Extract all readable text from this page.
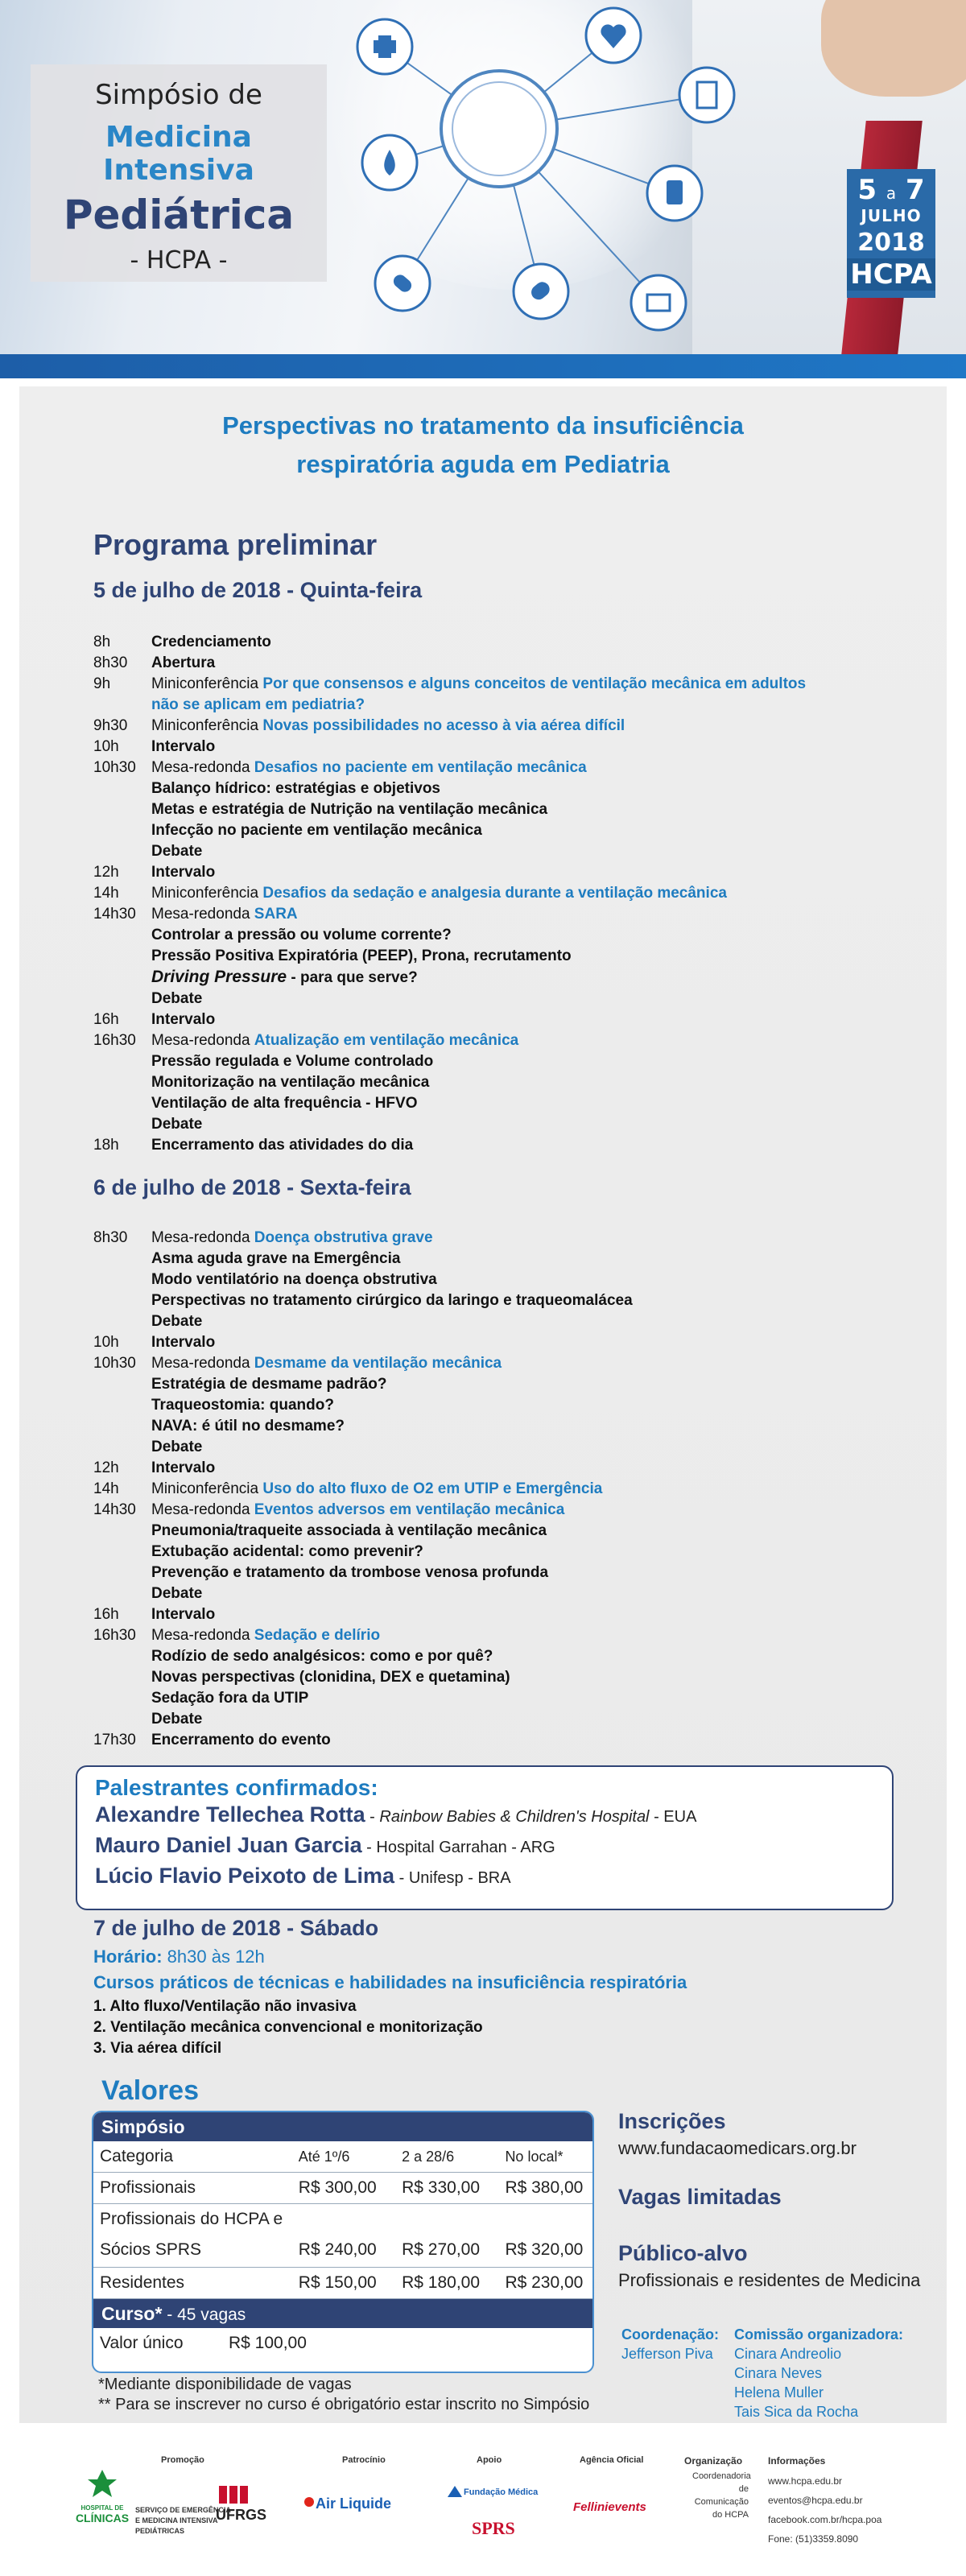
Simpósio de
Medicina Intensiva
Pediátrica
- HCPA -
5 a 7
JULHO
2018
HCPA
Perspectivas no tratamento da insuficiência
respiratória aguda em Pediatria
Programa preliminar
5 de julho de 2018 - Quinta-feira
8h	Credenciamento
8h30	Abertura
9h	Miniconferência Por que consensos e alguns conceitos de ventilação mecânica em adultos
não se aplicam em pediatria?
9h30	Miniconferência Novas possibilidades no acesso à via aérea difícil
10h	Intervalo
10h30	Mesa-redonda Desafios no paciente em ventilação mecânica
Balanço hídrico: estratégias e objetivos
Metas e estratégia de Nutrição na ventilação mecânica
Infecção no paciente em ventilação mecânica
Debate
12h	Intervalo
14h	Miniconferência Desafios da sedação e analgesia durante a ventilação mecânica
14h30	Mesa-redonda SARA
Controlar a pressão ou volume corrente?
Pressão Positiva Expiratória (PEEP), Prona, recrutamento
Driving Pressure - para que serve?
Debate
16h	Intervalo
16h30	Mesa-redonda Atualização em ventilação mecânica
Pressão regulada e Volume controlado
Monitorização na ventilação mecânica
Ventilação de alta frequência - HFVO
Debate
18h	Encerramento das atividades do dia
6 de julho de 2018 - Sexta-feira
8h30	Mesa-redonda Doença obstrutiva grave
Asma aguda grave na Emergência
Modo ventilatório na doença obstrutiva
Perspectivas no tratamento cirúrgico da laringo e traqueomalácea
Debate
10h	Intervalo
10h30	Mesa-redonda Desmame da ventilação mecânica
Estratégia de desmame padrão?
Traqueostomia: quando?
NAVA: é útil no desmame?
Debate
12h	Intervalo
14h	Miniconferência Uso do alto fluxo de O2 em UTIP e Emergência
14h30	Mesa-redonda Eventos adversos em ventilação mecânica
Pneumonia/traqueite associada à ventilação mecânica
Extubação acidental: como prevenir?
Prevenção e tratamento da trombose venosa profunda
Debate
16h	Intervalo
16h30	Mesa-redonda Sedação e delírio
Rodízio de sedo analgésicos: como e por quê?
Novas perspectivas (clonidina, DEX e quetamina)
Sedação fora da UTIP
Debate
17h30	Encerramento do evento
Palestrantes confirmados:
Alexandre Tellechea Rotta - Rainbow Babies & Children's Hospital - EUA
Mauro Daniel Juan Garcia - Hospital Garrahan - ARG
Lúcio Flavio Peixoto de Lima - Unifesp - BRA
7 de julho de 2018 - Sábado
Horário: 8h30 às 12h
Cursos práticos de técnicas e habilidades na insuficiência respiratória
1. Alto fluxo/Ventilação não invasiva
2. Ventilação mecânica convencional e monitorização
3. Via aérea difícil
Valores
Simpósio
Categoria	Até 1º/6	2 a 28/6	No local*
Profissionais	R$ 300,00	R$ 330,00	R$ 380,00
Profissionais do HCPA e
Sócios SPRS	R$ 240,00	R$ 270,00	R$ 320,00
Residentes	R$ 150,00	R$ 180,00	R$ 230,00
Curso* - 45 vagas
Valor único	R$ 100,00
*Mediante disponibilidade de vagas
** Para se inscrever no curso é obrigatório estar inscrito no Simpósio
Inscrições
www.fundacaomedicars.org.br
Vagas limitadas
Público-alvo
Profissionais e residentes de Medicina
Coordenação:
Jefferson Piva
Comissão organizadora:
Cinara Andreolio
Cinara Neves
Helena Muller
Tais Sica da Rocha
Promoção	Patrocínio	Apoio	Agência Oficial	Organização
Coordenadoria
de Comunicação
do HCPA
Informações
www.hcpa.edu.br
eventos@hcpa.edu.br
facebook.com.br/hcpa.poa
Fone: (51)3359.8090
HOSPITAL DE
CLÍNICAS
SERVIÇO DE EMERGÊNCIA
E MEDICINA INTENSIVA
PEDIÁTRICAS
UFRGS
Air Liquide
Fundação Médica
SPRS
Fellinievents
